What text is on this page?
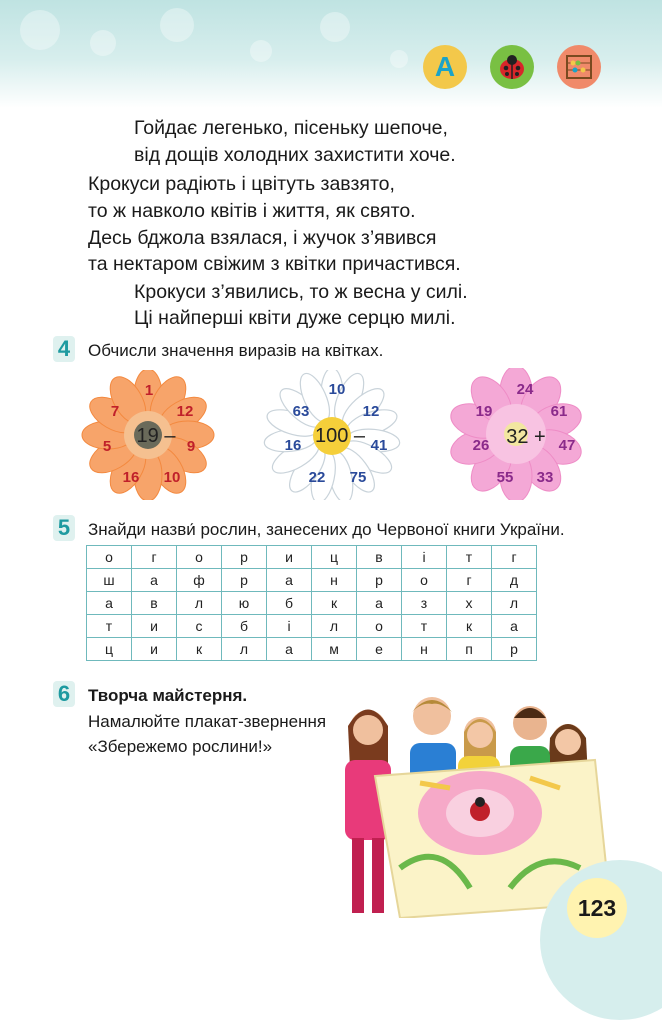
A
Гойдає легенько, пісеньку шепоче,
від дощів холодних захистити хоче.
Крокуси радіють і цвітуть завзято,
то ж навколо квітів і життя, як свято.
Десь бджола взялася, і жучок з’явився
та нектаром свіжим з квітки причастився.
Крокуси з’явились, то ж весна у силі.
Ці найперші квіти дуже серцю милі.
4 Обчисли значення виразів на квітках.
1
12
9
10
16
5
7
19 –
10
12
41
75
22
16
63
100 –
24
61
47
33
55
26
19
32 +
5 Знайди назви́ рослин, занесених до Червоної книги України.
о	г	о	р	и	ц	в	і	т	г
ш	а	ф	р	а	н	р	о	г	д
а	в	л	ю	б	к	а	з	х	л
т	и	с	б	і	л	о	т	к	а
ц	и	к	л	а	м	е	н	п	р
6 Творча майстерня.
Намалюйте плакат-звернення
«Збережемо рослини!»
123
